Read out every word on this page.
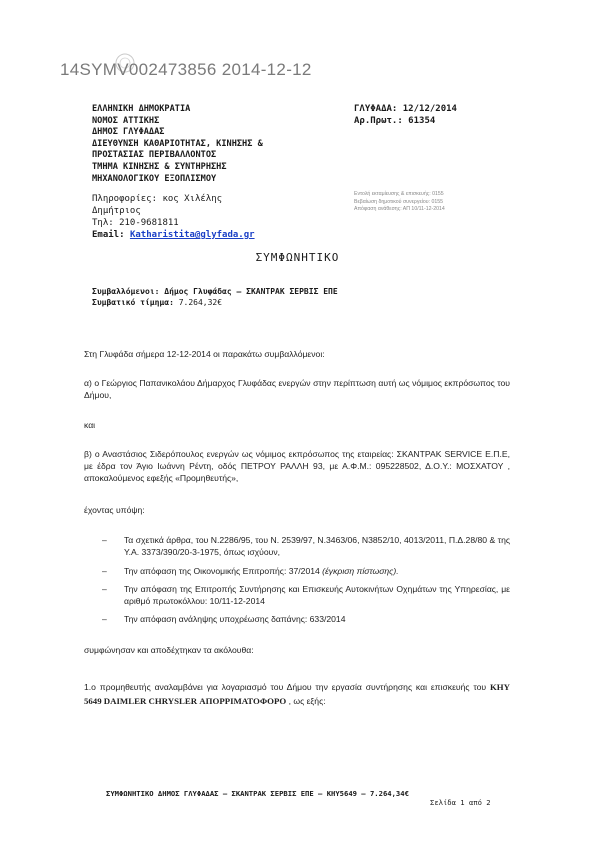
14SYMV002473856 2014-12-12
ΕΛΛΗΝΙΚΗ ΔΗΜΟΚΡΑΤΙΑ
ΝΟΜΟΣ ΑΤΤΙΚΗΣ
ΔΗΜΟΣ ΓΛΥΦΑΔΑΣ
ΔΙΕΥΘΥΝΣΗ ΚΑΘΑΡΙΟΤΗΤΑΣ, ΚΙΝΗΣΗΣ &
ΠΡΟΣΤΑΣΙΑΣ ΠΕΡΙΒΑΛΛΟΝΤΟΣ
ΤΜΗΜΑ ΚΙΝΗΣΗΣ & ΣΥΝΤΗΡΗΣΗΣ
ΜΗΧΑΝΟΛΟΓΙΚΟΥ ΕΞΟΠΛΙΣΜΟΥ
Πληροφορίες: κος Χιλέλης
Δημήτριος
Τηλ: 210-9681811
Email: Katharistita@glyfada.gr
ΓΛΥΦΑΔΑ: 12/12/2014
Αρ.Πρωτ.: 61354
Εντολή εκταμίευσης & επισκευής: 0155
Βεβαίωση δημοτικού συνεργείου: 0155
Απόφαση ανάθεσης: ΑΠ 10/11-12-2014
ΣΥΜΦΩΝΗΤΙΚΟ
Συμβαλλόμενοι: Δήμος Γλυφάδας – ΣΚΑΝΤΡΑΚ ΣΕΡΒΙΣ ΕΠΕ
Συμβατικό τίμημα: 7.264,32€
Στη Γλυφάδα σήμερα 12-12-2014 οι παρακάτω συμβαλλόμενοι:
α) ο Γεώργιος Παπανικολάου Δήμαρχος Γλυφάδας ενεργών στην περίπτωση αυτή ως νόμιμος εκπρόσωπος του Δήμου,
και
β) ο Αναστάσιος Σιδερόπουλος ενεργών ως νόμιμος εκπρόσωπος της εταιρείας: ΣΚΑΝΤΡΑΚ SERVICE Ε.Π.Ε, με έδρα τον Άγιο Ιωάννη Ρέντη, οδός ΠΕΤΡΟΥ ΡΑΛΛΗ 93, με Α.Φ.Μ.: 095228502, Δ.Ο.Υ.: ΜΟΣΧΑΤΟΥ , αποκαλούμενος εφεξής «Προμηθευτής»,
έχοντας υπόψη:
– Τα σχετικά άρθρα, του Ν.2286/95, του Ν. 2539/97, Ν.3463/06, Ν3852/10, 4013/2011, Π.Δ.28/80 & της Υ.Α. 3373/390/20-3-1975, όπως ισχύουν,
– Την απόφαση της Οικονομικής Επιτροπής: 37/2014 (έγκριση πίστωσης).
– Την απόφαση της Επιτροπής Συντήρησης και Επισκευής Αυτοκινήτων Οχημάτων της Υπηρεσίας, με αριθμό πρωτοκόλλου: 10/11-12-2014
– Την απόφαση ανάληψης υποχρέωσης δαπάνης: 633/2014
συμφώνησαν και αποδέχτηκαν τα ακόλουθα:
1.ο προμηθευτής αναλαμβάνει για λογαριασμό του Δήμου την εργασία συντήρησης και επισκευής του ΚΗΥ 5649 DAIMLER CHRYSLER ΑΠΟΡΡΙΜΑΤΟΦΟΡΟ , ως εξής:
ΣΥΜΦΩΝΗΤΙΚΟ ΔΗΜΟΣ ΓΛΥΦΑΔΑΣ – ΣΚΑΝΤΡΑΚ ΣΕΡΒΙΣ ΕΠΕ – ΚΗΥ5649 – 7.264,34€
Σελίδα 1 από 2
